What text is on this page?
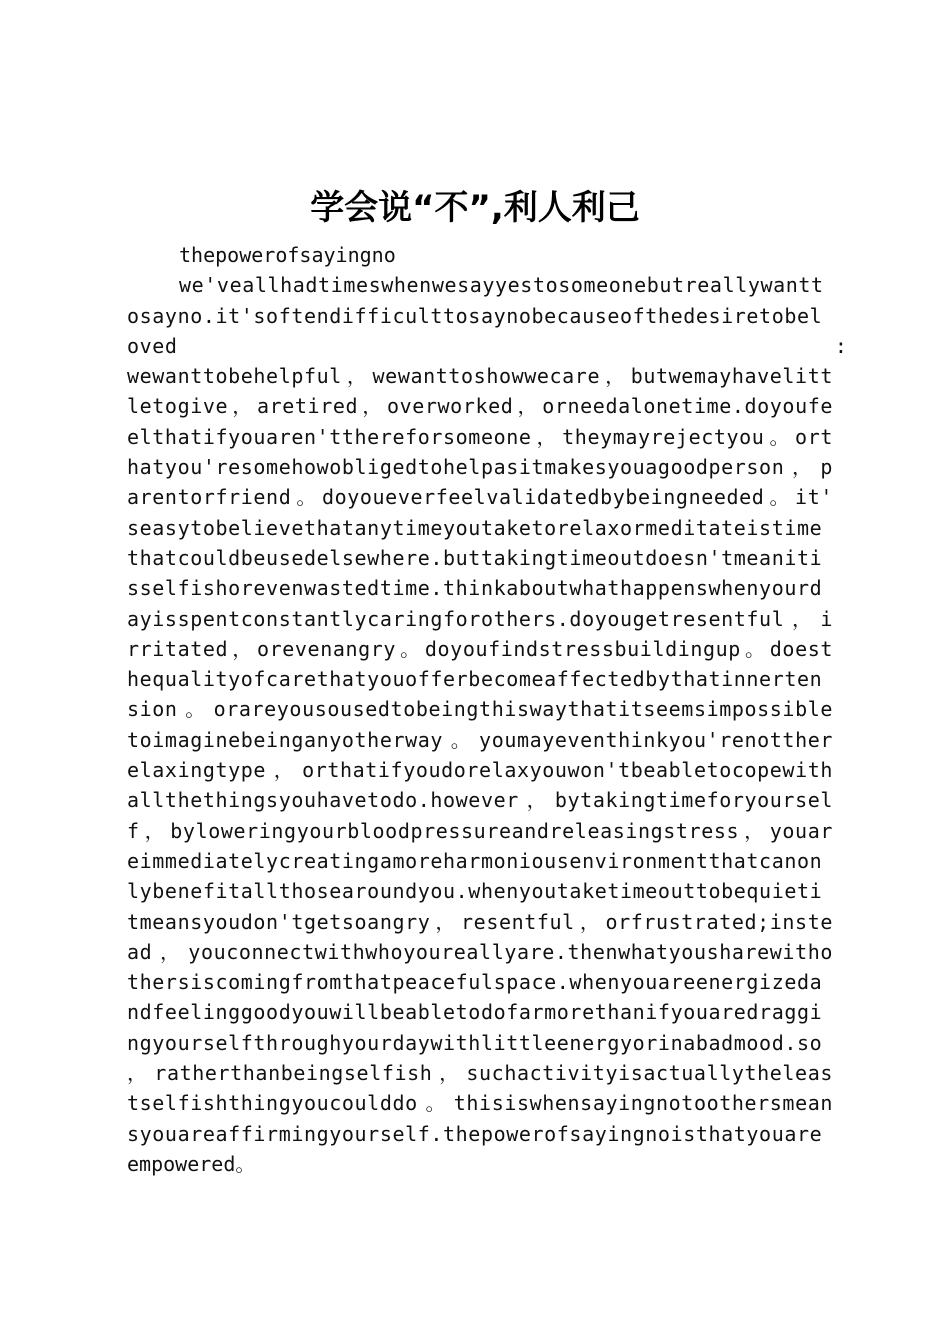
学会说“不”,利人利己
thepowerofsayingno
we'veallhadtimeswhenwesayyestosomeonebutreallywantt
osayno.it'softendifficulttosaynobecauseofthedesiretobel
oved                                                    :
wewanttobehelpful，wewanttoshowwecare，butwemayhavelitt
letogive，aretired，overworked，orneedalonetime.doyoufe
elthatifyouaren'tthereforsomeone，theymayrejectyou。ort
hatyou'resomehowobligedtohelpasitmakesyouagoodperson，p
arentorfriend。doyoueverfeelvalidatedbybeingneeded。it'
seasytobelievethatanytimeyoutaketorelaxormeditateistime
thatcouldbeusedelsewhere.buttakingtimeoutdoesn'tmeaniti
sselfishorevenwastedtime.thinkaboutwhathappenswhenyourd
ayisspentconstantlycaringforothers.doyougetresentful，i
rritated，orevenangry。doyoufindstressbuildingup。doest
hequalityofcarethatyouofferbecomeaffectedbythatinnerten
sion。orareyousousedtobeingthiswaythatitseemsimpossible
toimaginebeinganyotherway。youmayeventhinkyou'renotther
elaxingtype，orthatifyoudorelaxyouwon'tbeabletocopewith
allthethingsyouhavetodo.however，bytakingtimeforyoursel
f，byloweringyourbloodpressureandreleasingstress，youar
eimmediatelycreatingamoreharmoniousenvironmentthatcanon
lybenefitallthosearoundyou.whenyoutaketimeouttobequieti
tmeansyoudon'tgetsoangry，resentful，orfrustrated;inste
ad，youconnectwithwhoyoureallyare.thenwhatyousharewitho
thersiscomingfromthatpeacefulspace.whenyouareenergizeda
ndfeelinggoodyouwillbeabletodofarmorethanifyouaredraggi
ngyourselfthroughyourdaywithlittleenergyorinabadmood.so
，ratherthanbeingselfish，suchactivityisactuallytheleas
tselfishthingyoucoulddo。thisiswhensayingnotoothersmean
syouareaffirmingyourself.thepowerofsayingnoisthatyouare
empowered。
